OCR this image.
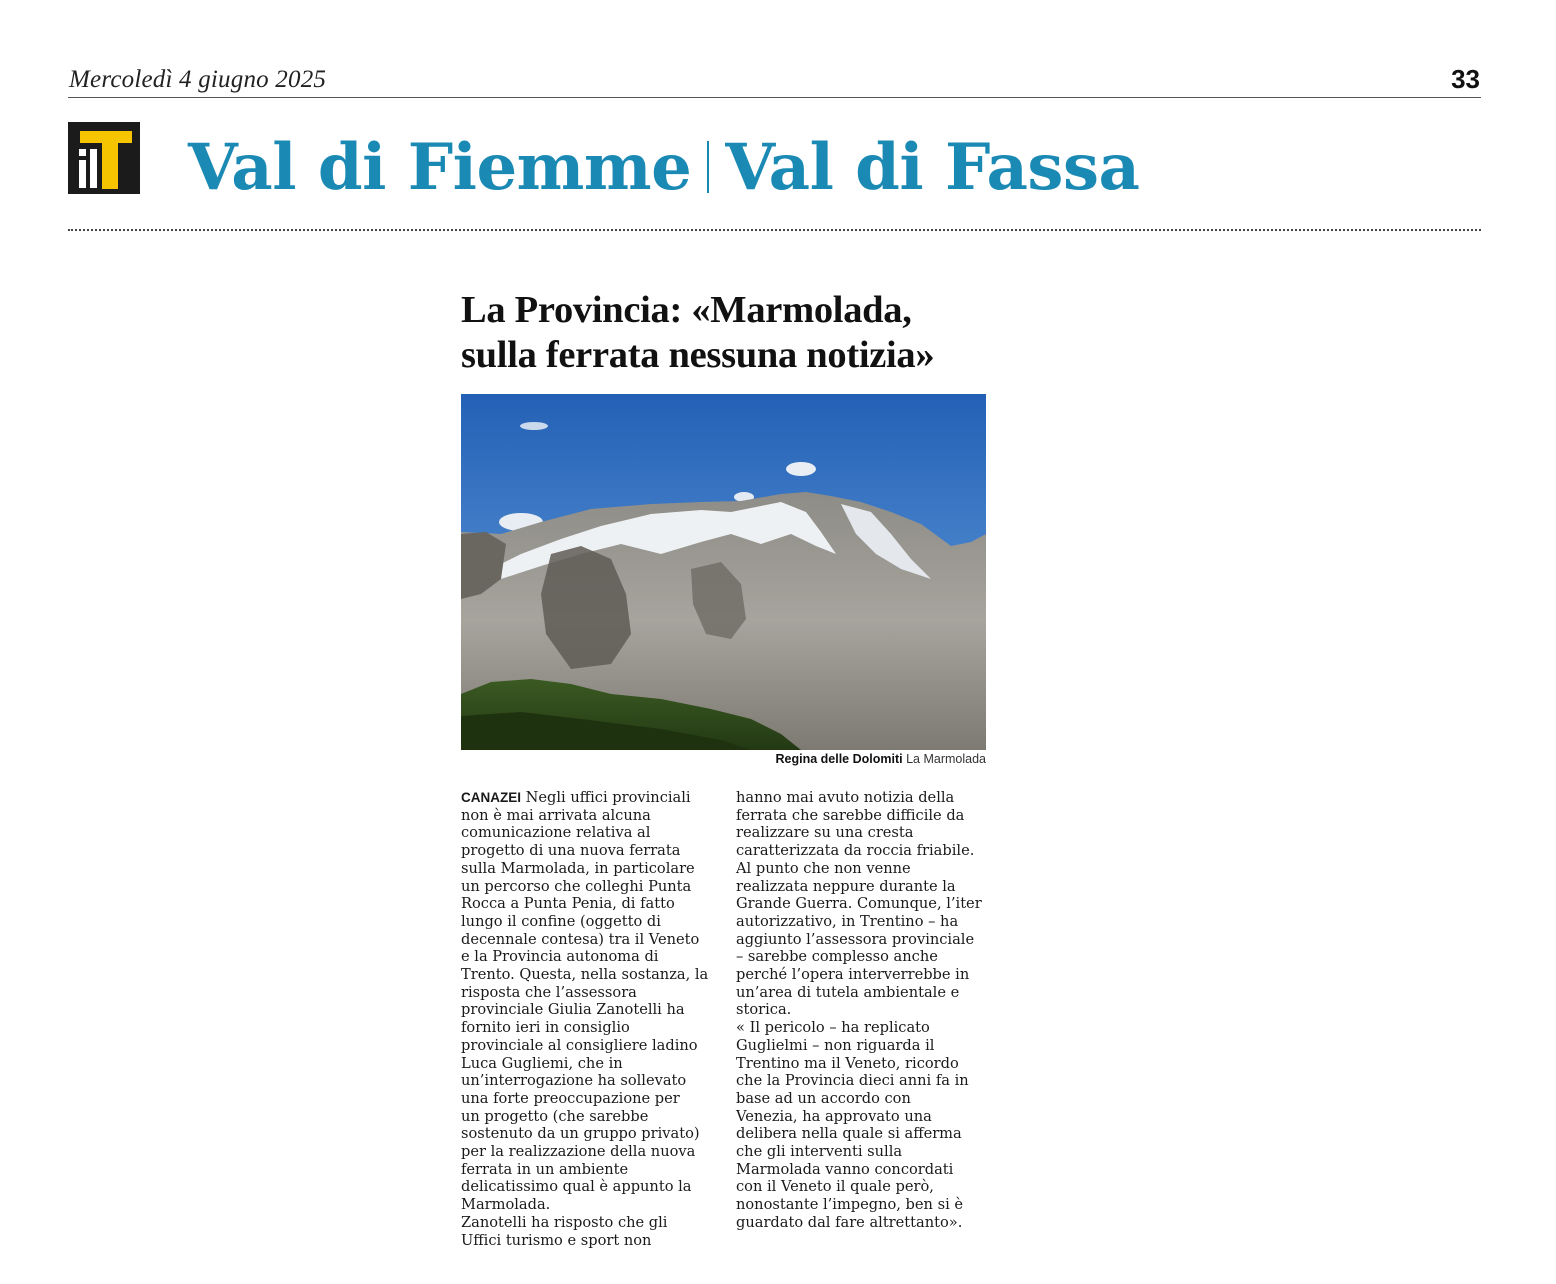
Mercoledì 4 giugno 2025	33
Val di Fiemme Val di Fassa
La Provincia: «Marmolada,
sulla ferrata nessuna notizia»
Regina delle Dolomiti La Marmolada

CANAZEI Negli uffici provinciali

non è mai arrivata alcuna

comunicazione relativa al

progetto di una nuova ferrata

sulla Marmolada, in particolare

un percorso che colleghi Punta

Rocca a Punta Penia, di fatto

lungo il confine (oggetto di

decennale contesa) tra il Veneto

e la Provincia autonoma di

Trento. Questa, nella sostanza, la

risposta che l’assessora

provinciale Giulia Zanotelli ha

fornito ieri in consiglio

provinciale al consigliere ladino

Luca Gugliemi, che in

un’interrogazione ha sollevato

una forte preoccupazione per

un progetto (che sarebbe

sostenuto da un gruppo privato)

per la realizzazione della nuova

ferrata in un ambiente

delicatissimo qual è appunto la

Marmolada.

Zanotelli ha risposto che gli

Uffici turismo e sport non

hanno mai avuto notizia della

ferrata che sarebbe difficile da

realizzare su una cresta

caratterizzata da roccia friabile.

Al punto che non venne

realizzata neppure durante la

Grande Guerra. Comunque, l’iter

autorizzativo, in Trentino – ha

aggiunto l’assessora provinciale

– sarebbe complesso anche

perché l’opera interverrebbe in

un’area di tutela ambientale e

storica.

« Il pericolo – ha replicato

Guglielmi – non riguarda il

Trentino ma il Veneto, ricordo

che la Provincia dieci anni fa in

base ad un accordo con

Venezia, ha approvato una

delibera nella quale si afferma

che gli interventi sulla

Marmolada vanno concordati

con il Veneto il quale però,

nonostante l’impegno, ben si è

guardato dal fare altrettanto».
